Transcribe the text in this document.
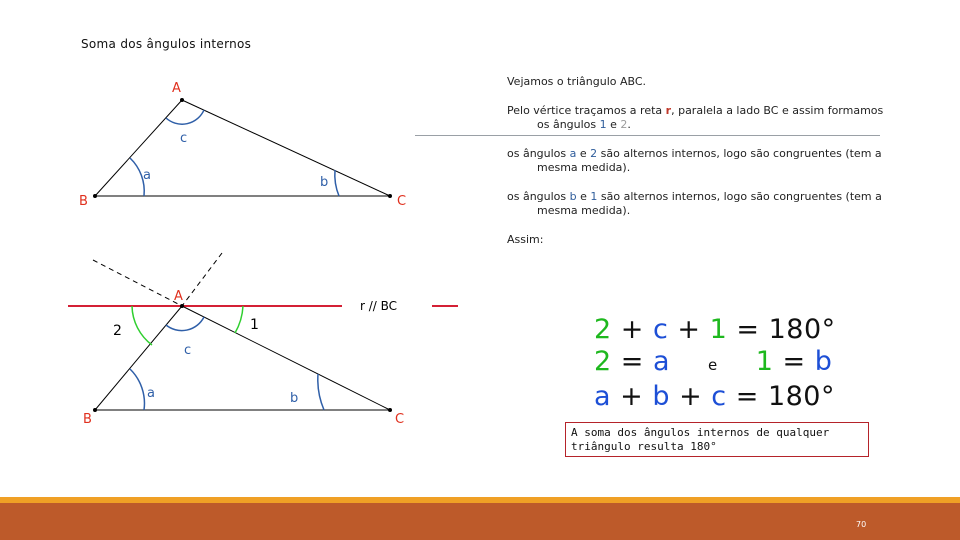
Soma dos ângulos internos
A
B	C
c
a	b
A
B	C
c
a	b
1
2
r // BC
Vejamos o triângulo ABC.
Pelo vértice traçamos a reta r, paralela a lado BC e assim formamos
os ângulos 1 e 2.
os ângulos a e 2 são alternos internos, logo são congruentes (tem a
mesma medida).
os ângulos b e 1 são alternos internos, logo são congruentes (tem a
mesma medida).
Assim:
2 + c + 1 = 180°
2 = a	e 1 = b
a + b + c = 180°
A soma dos ângulos internos de qualquer
triângulo resulta 180°
70
